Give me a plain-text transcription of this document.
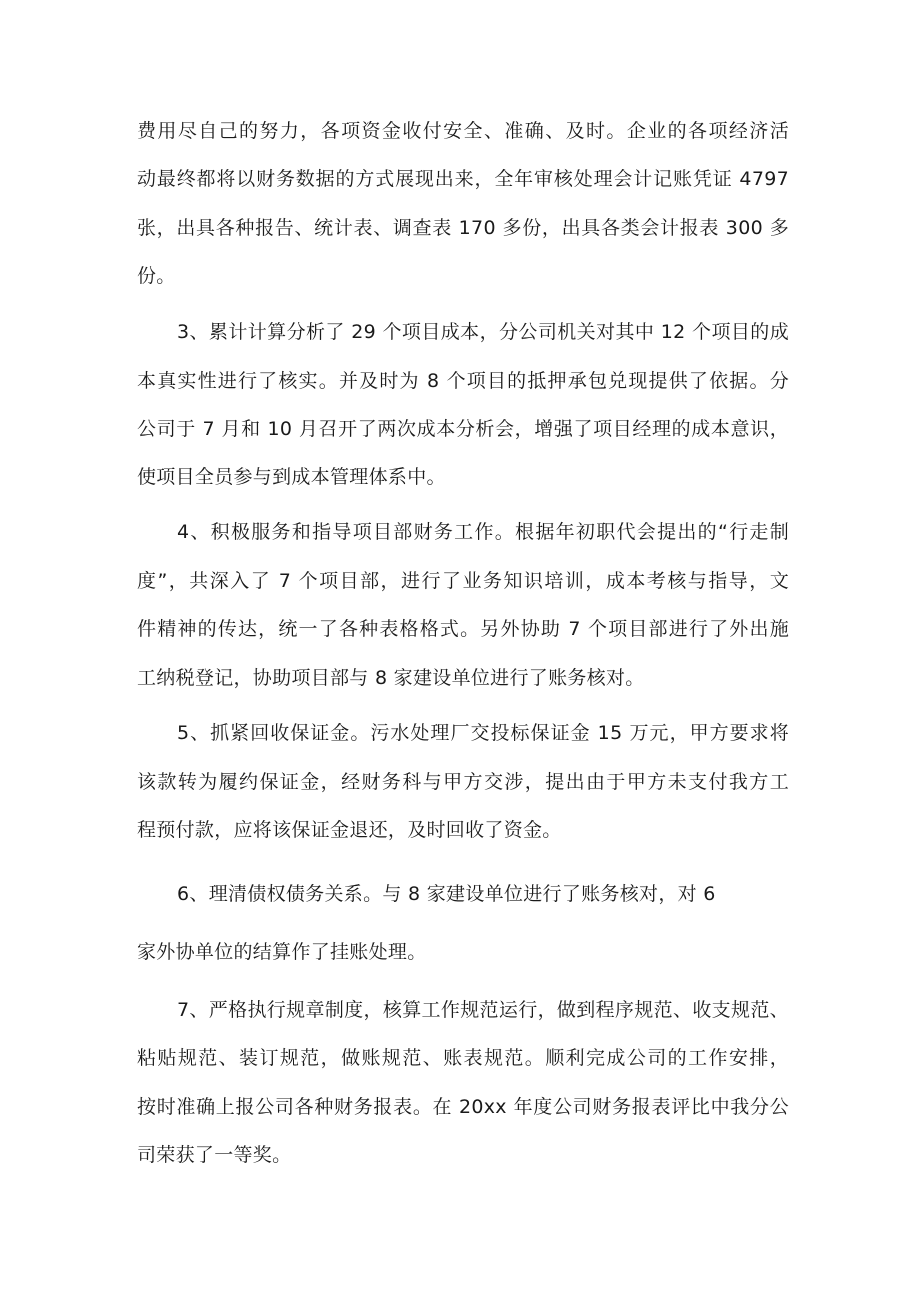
费用尽自己的努力，各项资金收付安全、准确、及时。企业的各项经济活
动最终都将以财务数据的方式展现出来，全年审核处理会计记账凭证 4797
张，出具各种报告、统计表、调查表 170 多份，出具各类会计报表 300 多
份。
3、累计计算分析了 29 个项目成本，分公司机关对其中 12 个项目的成
本真实性进行了核实。并及时为 8 个项目的抵押承包兑现提供了依据。分
公司于 7 月和 10 月召开了两次成本分析会，增强了项目经理的成本意识，
使项目全员参与到成本管理体系中。
4、积极服务和指导项目部财务工作。根据年初职代会提出的“行走制
度”，共深入了 7 个项目部，进行了业务知识培训，成本考核与指导，文
件精神的传达，统一了各种表格格式。另外协助 7 个项目部进行了外出施
工纳税登记，协助项目部与 8 家建设单位进行了账务核对。
5、抓紧回收保证金。污水处理厂交投标保证金 15 万元，甲方要求将
该款转为履约保证金，经财务科与甲方交涉，提出由于甲方未支付我方工
程预付款，应将该保证金退还，及时回收了资金。
6、理清债权债务关系。与 8 家建设单位进行了账务核对，对 6
家外协单位的结算作了挂账处理。
7、严格执行规章制度，核算工作规范运行，做到程序规范、收支规范、
粘贴规范、装订规范，做账规范、账表规范。顺利完成公司的工作安排，
按时准确上报公司各种财务报表。在 20xx 年度公司财务报表评比中我分公
司荣获了一等奖。
